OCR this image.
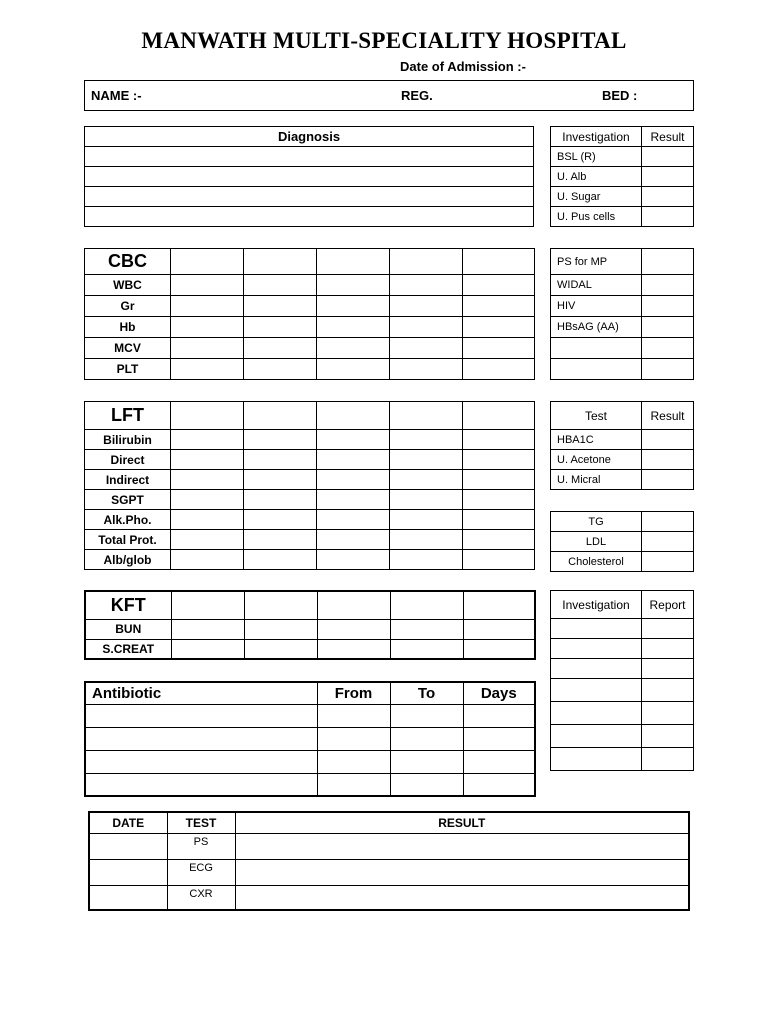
MANWATH MULTI-SPECIALITY HOSPITAL
Date of Admission :-
NAME :-	REG.	BED :
Diagnosis	Investigation	Result
BSL (R)	
U. Alb	
U. Sugar	
U. Pus cells	
CBC					
WBC					
Gr					
Hb					
MCV					
PLT					
PS for MP	
WIDAL	
HIV	
HBsAG (AA)	

LFT					
Bilirubin					
Direct					
Indirect					
SGPT					
Alk.Pho.					
Total Prot.					
Alb/glob					
Test	Result
HBA1C	
U. Acetone	
U. Micral	
TG	
LDL	
Cholesterol	
KFT					
BUN					
S.CREAT					
Investigation	Report

Antibiotic	From	To	Days

DATE	TEST	RESULT
	PS	
	ECG	
	CXR	
